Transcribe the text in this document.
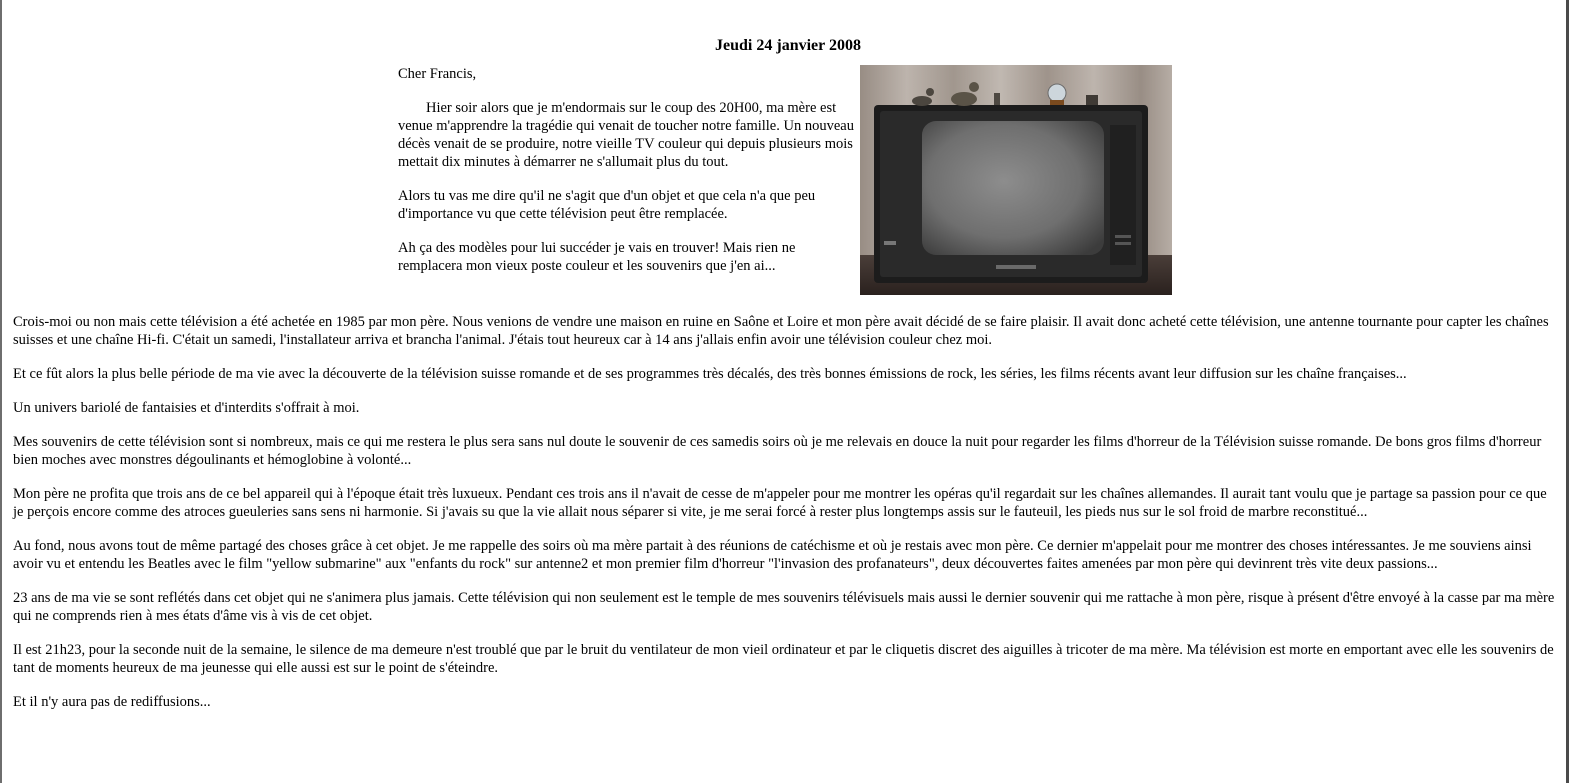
Jeudi 24 janvier 2008

Cher Francis,

Hier soir alors que je m'endormais sur le coup des 20H00, ma mère est venue m'apprendre la tragédie qui venait de toucher notre famille. Un nouveau décès venait de se produire, notre vieille TV couleur qui depuis plusieurs mois mettait dix minutes à démarrer ne s'allumait plus du tout.

Alors tu vas me dire qu'il ne s'agit que d'un objet et que cela n'a que peu d'importance vu que cette télévision peut être remplacée.

Ah ça des modèles pour lui succéder je vais en trouver! Mais rien ne remplacera mon vieux poste couleur et les souvenirs que j'en ai...

Crois-moi ou non mais cette télévision a été achetée en 1985 par mon père. Nous venions de vendre une maison en ruine en Saône et Loire et mon père avait décidé de se faire plaisir. Il avait donc acheté cette télévision, une antenne tournante pour capter les chaînes suisses et une chaîne Hi-fi. C'était un samedi, l'installateur arriva et brancha l'animal. J'étais tout heureux car à 14 ans j'allais enfin avoir une télévision couleur chez moi.

Et ce fût alors la plus belle période de ma vie avec la découverte de la télévision suisse romande et de ses programmes très décalés, des très bonnes émissions de rock, les séries, les films récents avant leur diffusion sur les chaîne françaises...

Un univers bariolé de fantaisies et d'interdits s'offrait à moi.

Mes souvenirs de cette télévision sont si nombreux, mais ce qui me restera le plus sera sans nul doute le souvenir de ces samedis soirs où je me relevais en douce la nuit pour regarder les films d'horreur de la Télévision suisse romande. De bons gros films d'horreur bien moches avec monstres dégoulinants et hémoglobine à volonté...

Mon père ne profita que trois ans de ce bel appareil qui à l'époque était très luxueux. Pendant ces trois ans il n'avait de cesse de m'appeler pour me montrer les opéras qu'il regardait sur les chaînes allemandes. Il aurait tant voulu que je partage sa passion pour ce que je perçois encore comme des atroces gueuleries sans sens ni harmonie. Si j'avais su que la vie allait nous séparer si vite, je me serai forcé à rester plus longtemps assis sur le fauteuil, les pieds nus sur le sol froid de marbre reconstitué...

Au fond, nous avons tout de même partagé des choses grâce à cet objet. Je me rappelle des soirs où ma mère partait à des réunions de catéchisme et où je restais avec mon père. Ce dernier m'appelait pour me montrer des choses intéressantes. Je me souviens ainsi avoir vu et entendu les Beatles avec le film "yellow submarine" aux "enfants du rock" sur antenne2 et mon premier film d'horreur "l'invasion des profanateurs", deux découvertes faites amenées par mon père qui devinrent très vite deux passions...

23 ans de ma vie se sont reflétés dans cet objet qui ne s'animera plus jamais. Cette télévision qui non seulement est le temple de mes souvenirs télévisuels mais aussi le dernier souvenir qui me rattache à mon père, risque à présent d'être envoyé à la casse par ma mère qui ne comprends rien à mes états d'âme vis à vis de cet objet.

Il est 21h23, pour la seconde nuit de la semaine, le silence de ma demeure n'est troublé que par le bruit du ventilateur de mon vieil ordinateur et par le cliquetis discret des aiguilles à tricoter de ma mère. Ma télévision est morte en emportant avec elle les souvenirs de tant de moments heureux de ma jeunesse qui elle aussi est sur le point de s'éteindre.

Et il n'y aura pas de rediffusions...
